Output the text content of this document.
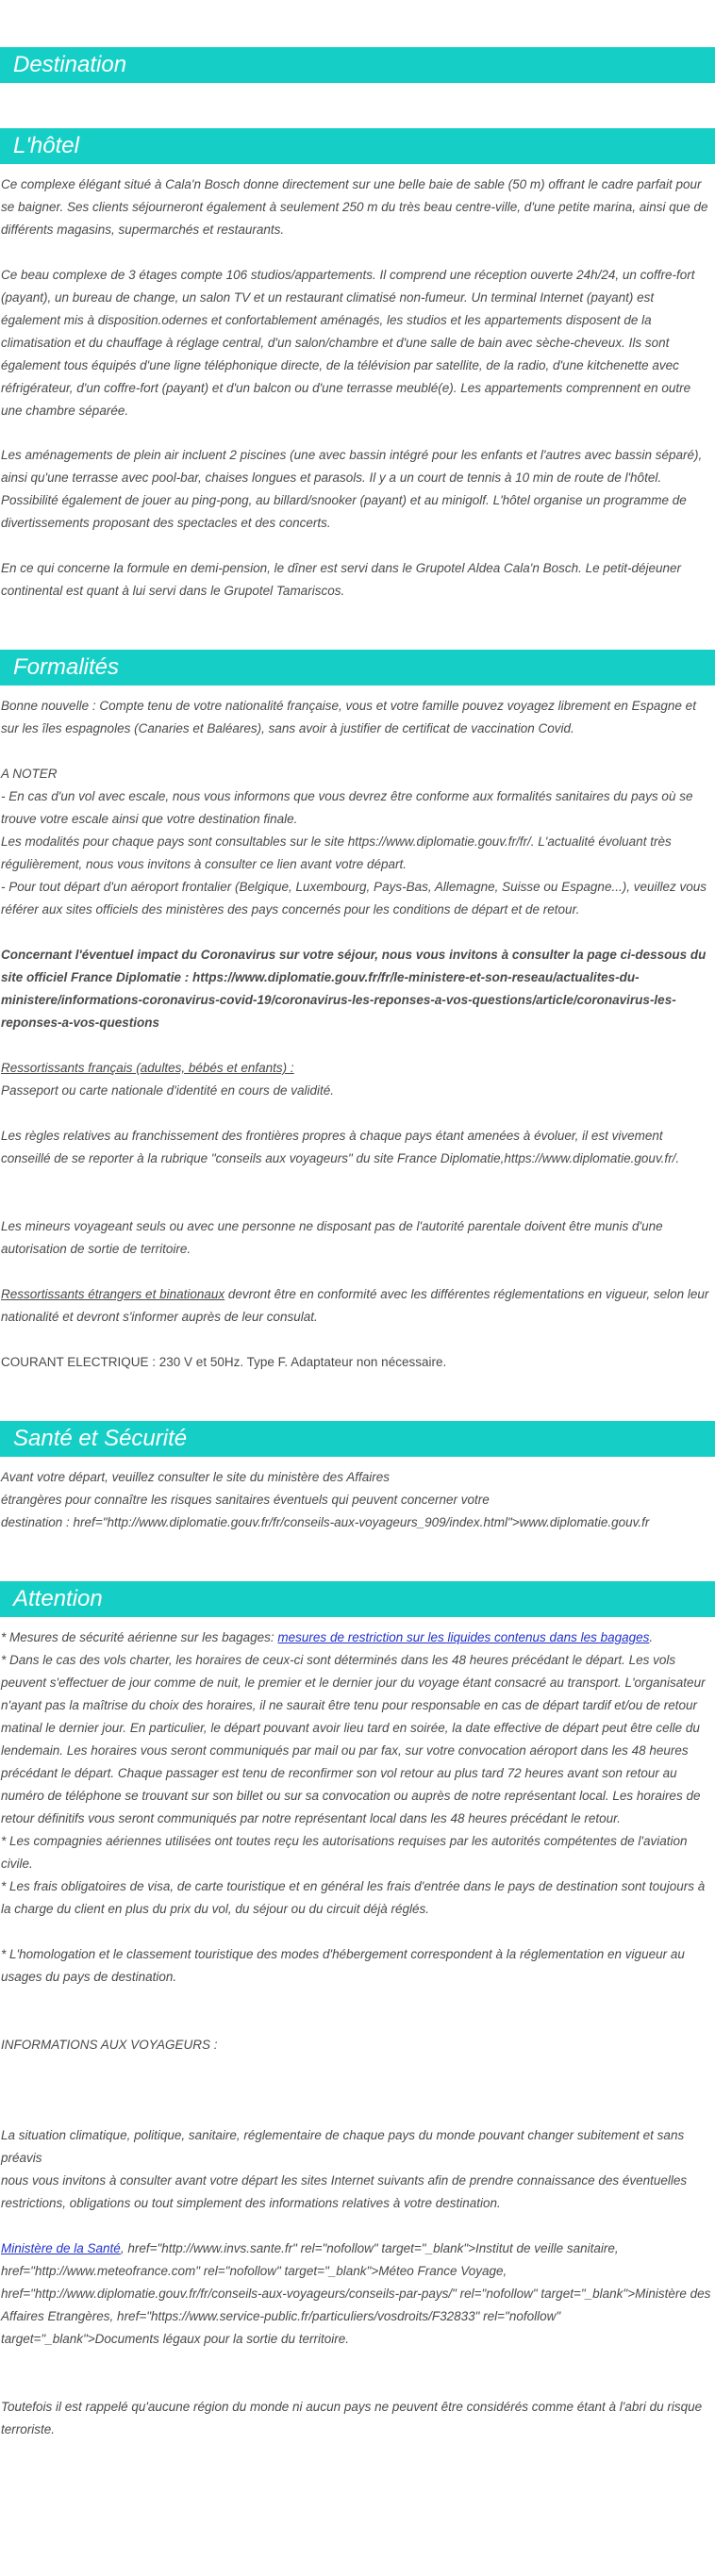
Destination
L'hôtel

Ce complexe élégant situé à Cala'n Bosch donne directement sur une belle baie de sable (50 m) offrant le cadre parfait pour se baigner. Ses clients séjourneront également à seulement 250 m du très beau centre-ville, d'une petite marina, ainsi que de différents magasins, supermarchés et restaurants.

Ce beau complexe de 3 étages compte 106 studios/appartements. Il comprend une réception ouverte 24h/24, un coffre-fort (payant), un bureau de change, un salon TV et un restaurant climatisé non-fumeur. Un terminal Internet (payant) est également mis à disposition.odernes et confortablement aménagés, les studios et les appartements disposent de la climatisation et du chauffage à réglage central, d'un salon/chambre et d'une salle de bain avec sèche-cheveux. Ils sont également tous équipés d'une ligne téléphonique directe, de la télévision par satellite, de la radio, d'une kitchenette avec réfrigérateur, d'un coffre-fort (payant) et d'un balcon ou d'une terrasse meublé(e). Les appartements comprennent en outre une chambre séparée.

Les aménagements de plein air incluent 2 piscines (une avec bassin intégré pour les enfants et l'autres avec bassin séparé), ainsi qu'une terrasse avec pool-bar, chaises longues et parasols. Il y a un court de tennis à 10 min de route de l'hôtel. Possibilité également de jouer au ping-pong, au billard/snooker (payant) et au minigolf. L'hôtel organise un programme de divertissements proposant des spectacles et des concerts.

En ce qui concerne la formule en demi-pension, le dîner est servi dans le Grupotel Aldea Cala'n Bosch. Le petit-déjeuner continental est quant à lui servi dans le Grupotel Tamariscos.

Formalités

Bonne nouvelle : Compte tenu de votre nationalité française, vous et votre famille pouvez voyagez librement en Espagne et sur les îles espagnoles (Canaries et Baléares), sans avoir à justifier de certificat de vaccination Covid.

A NOTER

- En cas d'un vol avec escale, nous vous informons que vous devrez être conforme aux formalités sanitaires du pays où se trouve votre escale ainsi que votre destination finale.

Les modalités pour chaque pays sont consultables sur le site https://www.diplomatie.gouv.fr/fr/. L'actualité évoluant très régulièrement, nous vous invitons à consulter ce lien avant votre départ.

- Pour tout départ d'un aéroport frontalier (Belgique, Luxembourg, Pays-Bas, Allemagne, Suisse ou Espagne...), veuillez vous référer aux sites officiels des ministères des pays concernés pour les conditions de départ et de retour.

Concernant l'éventuel impact du Coronavirus sur votre séjour, nous vous invitons à consulter la page ci-dessous du site officiel France Diplomatie : https://www.diplomatie.gouv.fr/fr/le-ministere-et-son-reseau/actualites-du-ministere/informations-coronavirus-covid-19/coronavirus-les-reponses-a-vos-questions/article/coronavirus-les-reponses-a-vos-questions

Ressortissants français (adultes, bébés et enfants) :

Passeport ou carte nationale d'identité en cours de validité.

Les règles relatives au franchissement des frontières propres à chaque pays étant amenées à évoluer, il est vivement conseillé de se reporter à la rubrique "conseils aux voyageurs" du site France Diplomatie,https://www.diplomatie.gouv.fr/.

Les mineurs voyageant seuls ou avec une personne ne disposant pas de l'autorité parentale doivent être munis d'une autorisation de sortie de territoire.

Ressortissants étrangers et binationaux devront être en conformité avec les différentes réglementations en vigueur, selon leur nationalité et devront s'informer auprès de leur consulat.

COURANT ELECTRIQUE : 230 V et 50Hz. Type F. Adaptateur non nécessaire.

Santé et Sécurité

Avant votre départ, veuillez consulter le site du ministère des Affaires

étrangères pour connaître les risques sanitaires éventuels qui peuvent concerner votre

destination : href="http://www.diplomatie.gouv.fr/fr/conseils-aux-voyageurs_909/index.html">www.diplomatie.gouv.fr

Attention

* Mesures de sécurité aérienne sur les bagages: mesures de restriction sur les liquides contenus dans les bagages.

* Dans le cas des vols charter, les horaires de ceux-ci sont déterminés dans les 48 heures précédant le départ. Les vols peuvent s'effectuer de jour comme de nuit, le premier et le dernier jour du voyage étant consacré au transport. L'organisateur n'ayant pas la maîtrise du choix des horaires, il ne saurait être tenu pour responsable en cas de départ tardif et/ou de retour matinal le dernier jour. En particulier, le départ pouvant avoir lieu tard en soirée, la date effective de départ peut être celle du lendemain. Les horaires vous seront communiqués par mail ou par fax, sur votre convocation aéroport dans les 48 heures précédant le départ. Chaque passager est tenu de reconfirmer son vol retour au plus tard 72 heures avant son retour au numéro de téléphone se trouvant sur son billet ou sur sa convocation ou auprès de notre représentant local. Les horaires de retour définitifs vous seront communiqués par notre représentant local dans les 48 heures précédant le retour.

* Les compagnies aériennes utilisées ont toutes reçu les autorisations requises par les autorités compétentes de l'aviation civile.

* Les frais obligatoires de visa, de carte touristique et en général les frais d'entrée dans le pays de destination sont toujours à la charge du client en plus du prix du vol, du séjour ou du circuit déjà réglés.

* L'homologation et le classement touristique des modes d'hébergement correspondent à la réglementation en vigueur au usages du pays de destination.

INFORMATIONS AUX VOYAGEURS :

La situation climatique, politique, sanitaire, réglementaire de chaque pays du monde pouvant changer subitement et sans préavis

nous vous invitons à consulter avant votre départ les sites Internet suivants afin de prendre connaissance des éventuelles restrictions, obligations ou tout simplement des informations relatives à votre destination.

Ministère de la Santé, href="http://www.invs.sante.fr" rel="nofollow" target="_blank">Institut de veille sanitaire, href="http://www.meteofrance.com" rel="nofollow" target="_blank">Méteo France Voyage, href="http://www.diplomatie.gouv.fr/fr/conseils-aux-voyageurs/conseils-par-pays/" rel="nofollow" target="_blank">Ministère des Affaires Etrangères, href="https://www.service-public.fr/particuliers/vosdroits/F32833" rel="nofollow" target="_blank">Documents légaux pour la sortie du territoire.

Toutefois il est rappelé qu'aucune région du monde ni aucun pays ne peuvent être considérés comme étant à l'abri du risque terroriste.
